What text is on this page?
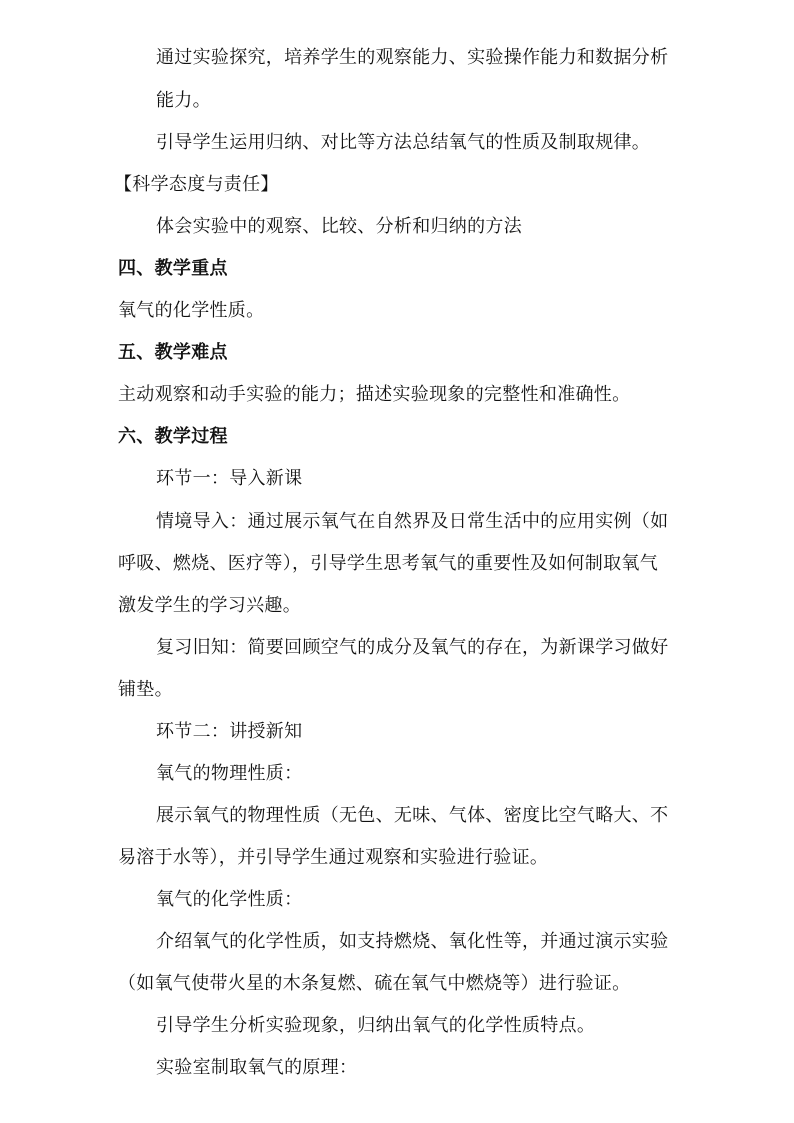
通过实验探究，培养学生的观察能力、实验操作能力和数据分析
能力。
引导学生运用归纳、对比等方法总结氧气的性质及制取规律。
【科学态度与责任】
体会实验中的观察、比较、分析和归纳的方法
四、教学重点
氧气的化学性质。
五、教学难点
主动观察和动手实验的能力；描述实验现象的完整性和准确性。
六、教学过程
环节一：导入新课
情境导入：通过展示氧气在自然界及日常生活中的应用实例（如
呼吸、燃烧、医疗等），引导学生思考氧气的重要性及如何制取氧气
激发学生的学习兴趣。
复习旧知：简要回顾空气的成分及氧气的存在，为新课学习做好
铺垫。
环节二：讲授新知
氧气的物理性质：
展示氧气的物理性质（无色、无味、气体、密度比空气略大、不
易溶于水等），并引导学生通过观察和实验进行验证。
氧气的化学性质：
介绍氧气的化学性质，如支持燃烧、氧化性等，并通过演示实验
（如氧气使带火星的木条复燃、硫在氧气中燃烧等）进行验证。
引导学生分析实验现象，归纳出氧气的化学性质特点。
实验室制取氧气的原理：
